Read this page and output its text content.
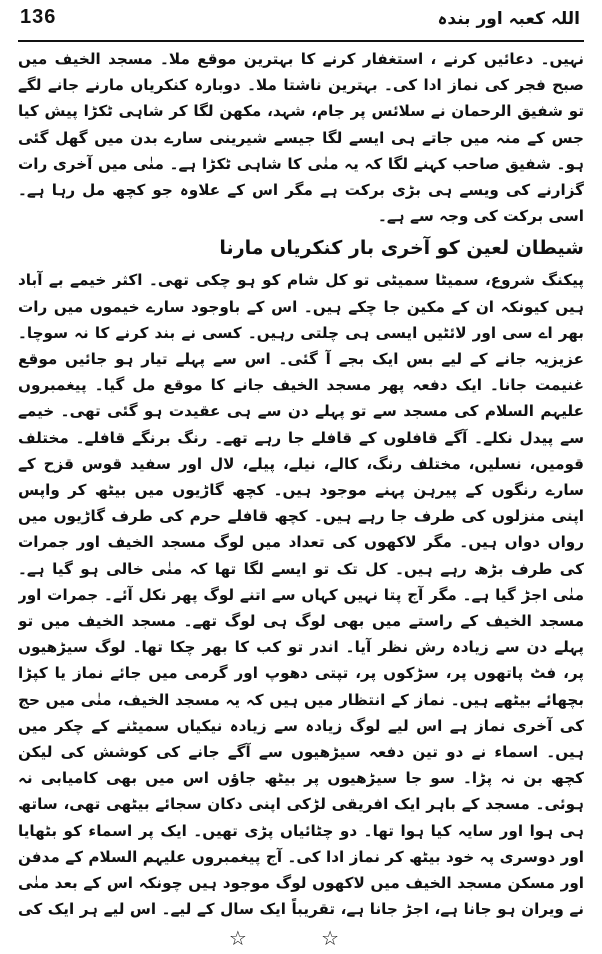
136	اللہ کعبہ اور بندہ

نہیں۔ دعائیں کرنے ، استغفار کرنے کا بہترین موقع ملا۔ مسجد الخیف میں صبح فجر کی نماز ادا کی۔ بہترین ناشتا ملا۔ دوبارہ کنکریاں مارنے جانے لگے تو شفیق الرحمان نے سلائس پر جام، شہد، مکھن لگا کر شاہی ٹکڑا پیش کیا جس کے منہ میں جاتے ہی ایسے لگا جیسے شیرینی سارے بدن میں گھل گئی ہو۔ شفیق صاحب کہنے لگا کہ یہ منٰی کا شاہی ٹکڑا ہے۔ منٰی میں آخری رات گزارنے کی ویسے ہی بڑی برکت ہے مگر اس کے علاوہ جو کچھ مل رہا ہے۔ اسی برکت کی وجہ سے ہے۔

شیطان لعین کو آخری بار کنکریاں مارنا

پیکنگ شروع، سمیٹا سمیٹی تو کل شام کو ہو چکی تھی۔ اکثر خیمے بے آباد ہیں کیونکہ ان کے مکین جا چکے ہیں۔ اس کے باوجود سارے خیموں میں رات بھر اے سی اور لائٹیں ایسی ہی چلتی رہیں۔ کسی نے بند کرنے کا نہ سوچا۔ عزیزیہ جانے کے لیے بس ایک بجے آ گئی۔ اس سے پہلے تیار ہو جائیں موقع غنیمت جانا۔ ایک دفعہ پھر مسجد الخیف جانے کا موقع مل گیا۔ پیغمبروں علیہم السلام کی مسجد سے تو پہلے دن سے ہی عقیدت ہو گئی تھی۔ خیمے سے پیدل نکلے۔ آگے قافلوں کے قافلے جا رہے تھے۔ رنگ برنگے قافلے۔ مختلف قومیں، نسلیں، مختلف رنگ، کالے، نیلے، پیلے، لال اور سفید قوس قزح کے سارے رنگوں کے پیرہن پہنے موجود ہیں۔ کچھ گاڑیوں میں بیٹھ کر واپس اپنی منزلوں کی طرف جا رہے ہیں۔ کچھ قافلے حرم کی طرف گاڑیوں میں رواں دواں ہیں۔ مگر لاکھوں کی تعداد میں لوگ مسجد الخیف اور جمرات کی طرف بڑھ رہے ہیں۔ کل تک تو ایسے لگا تھا کہ منٰی خالی ہو گیا ہے۔ منٰی اجڑ گیا ہے۔ مگر آج پتا نہیں کہاں سے اتنے لوگ پھر نکل آئے۔ جمرات اور مسجد الخیف کے راستے میں بھی لوگ ہی لوگ تھے۔ مسجد الخیف میں تو پہلے دن سے زیادہ رش نظر آیا۔ اندر تو کب کا بھر چکا تھا۔ لوگ سیڑھیوں پر، فٹ پاتھوں پر، سڑکوں پر، تپتی دھوپ اور گرمی میں جائے نماز یا کپڑا بچھائے بیٹھے ہیں۔ نماز کے انتظار میں ہیں کہ یہ مسجد الخیف، منٰی میں حج کی آخری نماز ہے اس لیے لوگ زیادہ سے زیادہ نیکیاں سمیٹنے کے چکر میں ہیں۔ اسماء نے دو تین دفعہ سیڑھیوں سے آگے جانے کی کوشش کی لیکن کچھ بن نہ پڑا۔ سو جا سیڑھیوں پر بیٹھ جاؤں اس میں بھی کامیابی نہ ہوئی۔ مسجد کے باہر ایک افریقی لڑکی اپنی دکان سجائے بیٹھی تھی، ساتھ ہی ہوا اور سایہ کیا ہوا تھا۔ دو چٹائیاں پڑی تھیں۔ ایک پر اسماء کو بٹھایا اور دوسری پہ خود بیٹھ کر نماز ادا کی۔ آج پیغمبروں علیہم السلام کے مدفن اور مسکن مسجد الخیف میں لاکھوں لوگ موجود ہیں چونکہ اس کے بعد منٰی نے ویران ہو جانا ہے، اجڑ جانا ہے، تقریباً ایک سال کے لیے۔ اس لیے ہر ایک کی

☆ ☆
